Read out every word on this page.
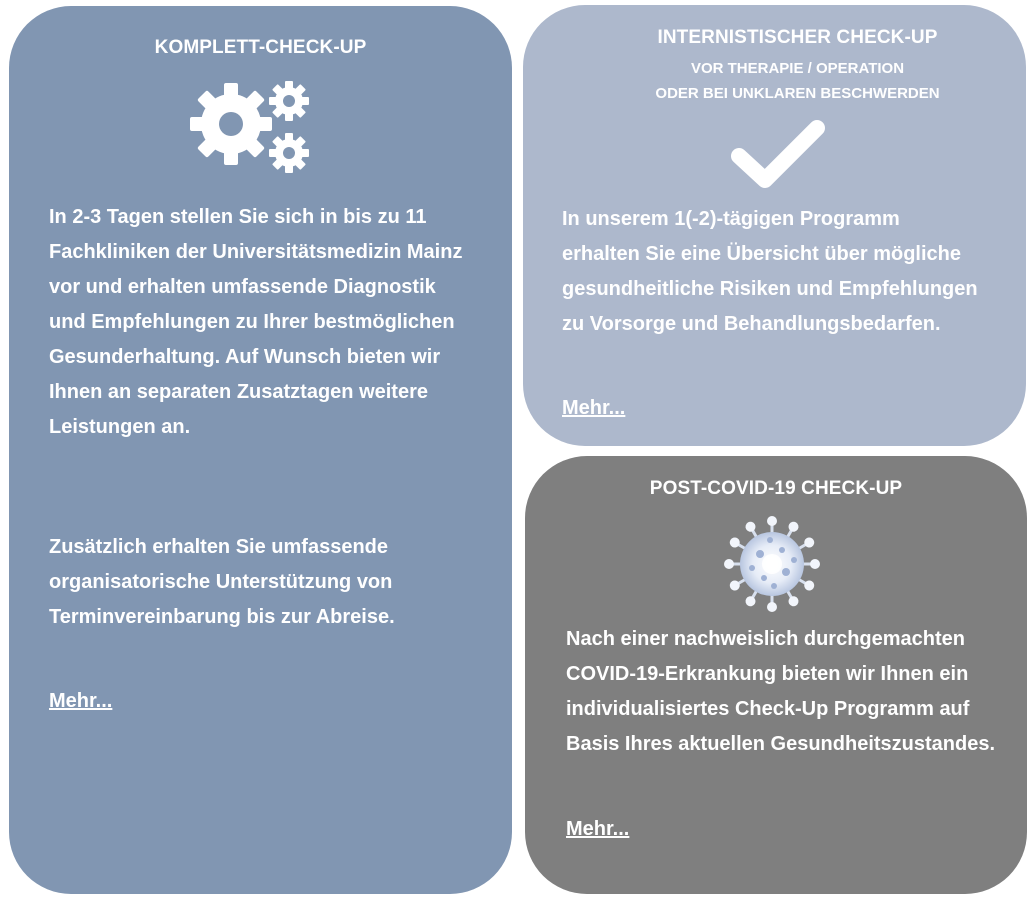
KOMPLETT-CHECK-UP

In 2-3 Tagen stellen Sie sich in bis zu 11 Fachkliniken der Universitätsmedizin Mainz vor und erhalten umfassende Diagnostik und Empfehlungen zu Ihrer bestmöglichen Gesunderhaltung. Auf Wunsch bieten wir Ihnen an separaten Zusatztagen weitere Leistungen an.

Zusätzlich erhalten Sie umfassende organisatorische Unterstützung von Terminvereinbarung bis zur Abreise.

Mehr...
INTERNISTISCHER CHECK-UP
VOR THERAPIE / OPERATION
ODER BEI UNKLAREN BESCHWERDEN

In unserem 1(-2)-tägigen Programm erhalten Sie eine Übersicht über mögliche gesundheitliche Risiken und Empfehlungen zu Vorsorge und Behandlungsbedarfen.

Mehr...
POST-COVID-19 CHECK-UP

Nach einer nachweislich durchgemachten COVID-19-Erkrankung bieten wir Ihnen ein individualisiertes Check-Up Programm auf Basis Ihres aktuellen Gesundheitszustandes.

Mehr...
